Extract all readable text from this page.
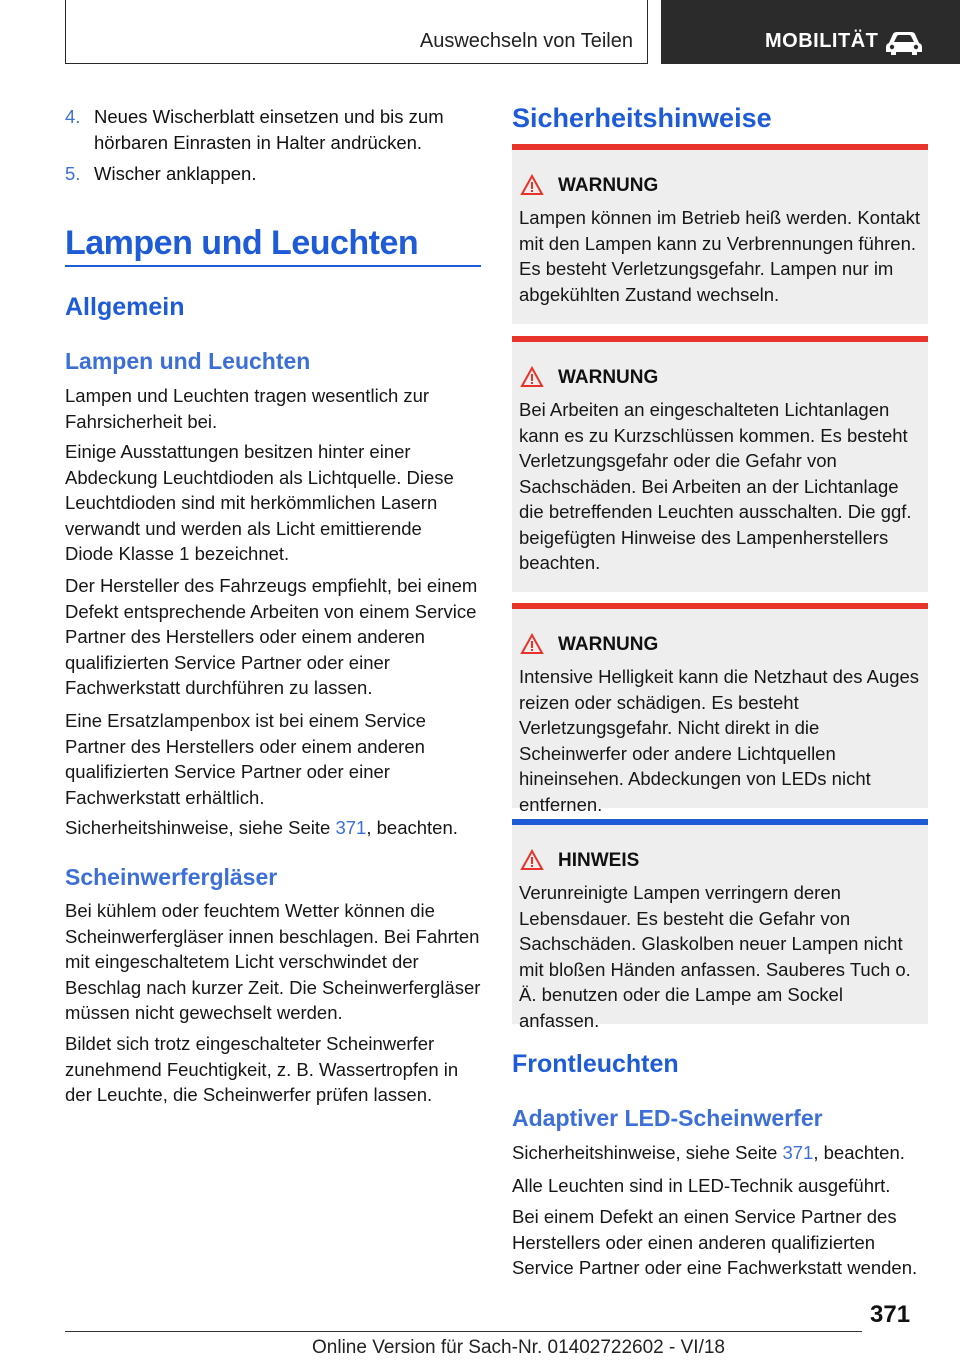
Auswechseln von Teilen	MOBILITÄT
4. Neues Wischerblatt einsetzen und bis zum hörbaren Einrasten in Halter andrücken.
5. Wischer anklappen.
Lampen und Leuchten
Allgemein
Lampen und Leuchten

Lampen und Leuchten tragen wesentlich zur Fahrsicherheit bei.

Einige Ausstattungen besitzen hinter einer Abdeckung Leuchtdioden als Lichtquelle. Diese Leuchtdioden sind mit herkömmlichen Lasern verwandt und werden als Licht emittierende Diode Klasse 1 bezeichnet.

Der Hersteller des Fahrzeugs empfiehlt, bei einem Defekt entsprechende Arbeiten von einem Service Partner des Herstellers oder einem anderen qualifizierten Service Partner oder einer Fachwerkstatt durchführen zu lassen.

Eine Ersatzlampenbox ist bei einem Service Partner des Herstellers oder einem anderen qualifizierten Service Partner oder einer Fachwerkstatt erhältlich.

Sicherheitshinweise, siehe Seite 371, beachten.

Scheinwerfergläser

Bei kühlem oder feuchtem Wetter können die Scheinwerfergläser innen beschlagen. Bei Fahrten mit eingeschaltetem Licht verschwindet der Beschlag nach kurzer Zeit. Die Scheinwerfergläser müssen nicht gewechselt werden.

Bildet sich trotz eingeschalteter Scheinwerfer zunehmend Feuchtigkeit, z. B. Wassertropfen in der Leuchte, die Scheinwerfer prüfen lassen.

Sicherheitshinweise
WARNUNG
Lampen können im Betrieb heiß werden. Kontakt mit den Lampen kann zu Verbrennungen führen. Es besteht Verletzungsgefahr. Lampen nur im abgekühlten Zustand wechseln.
WARNUNG
Bei Arbeiten an eingeschalteten Lichtanlagen kann es zu Kurzschlüssen kommen. Es besteht Verletzungsgefahr oder die Gefahr von Sachschäden. Bei Arbeiten an der Lichtanlage die betreffenden Leuchten ausschalten. Die ggf. beigefügten Hinweise des Lampenherstellers beachten.
WARNUNG
Intensive Helligkeit kann die Netzhaut des Auges reizen oder schädigen. Es besteht Verletzungsgefahr. Nicht direkt in die Scheinwerfer oder andere Lichtquellen hineinsehen. Abdeckungen von LEDs nicht entfernen.
HINWEIS
Verunreinigte Lampen verringern deren Lebensdauer. Es besteht die Gefahr von Sachschäden. Glaskolben neuer Lampen nicht mit bloßen Händen anfassen. Sauberes Tuch o. Ä. benutzen oder die Lampe am Sockel anfassen.
Frontleuchten
Adaptiver LED-Scheinwerfer

Sicherheitshinweise, siehe Seite 371, beachten.

Alle Leuchten sind in LED-Technik ausgeführt.

Bei einem Defekt an einen Service Partner des Herstellers oder einen anderen qualifizierten Service Partner oder eine Fachwerkstatt wenden.

371
Online Version für Sach-Nr. 01402722602 - VI/18
